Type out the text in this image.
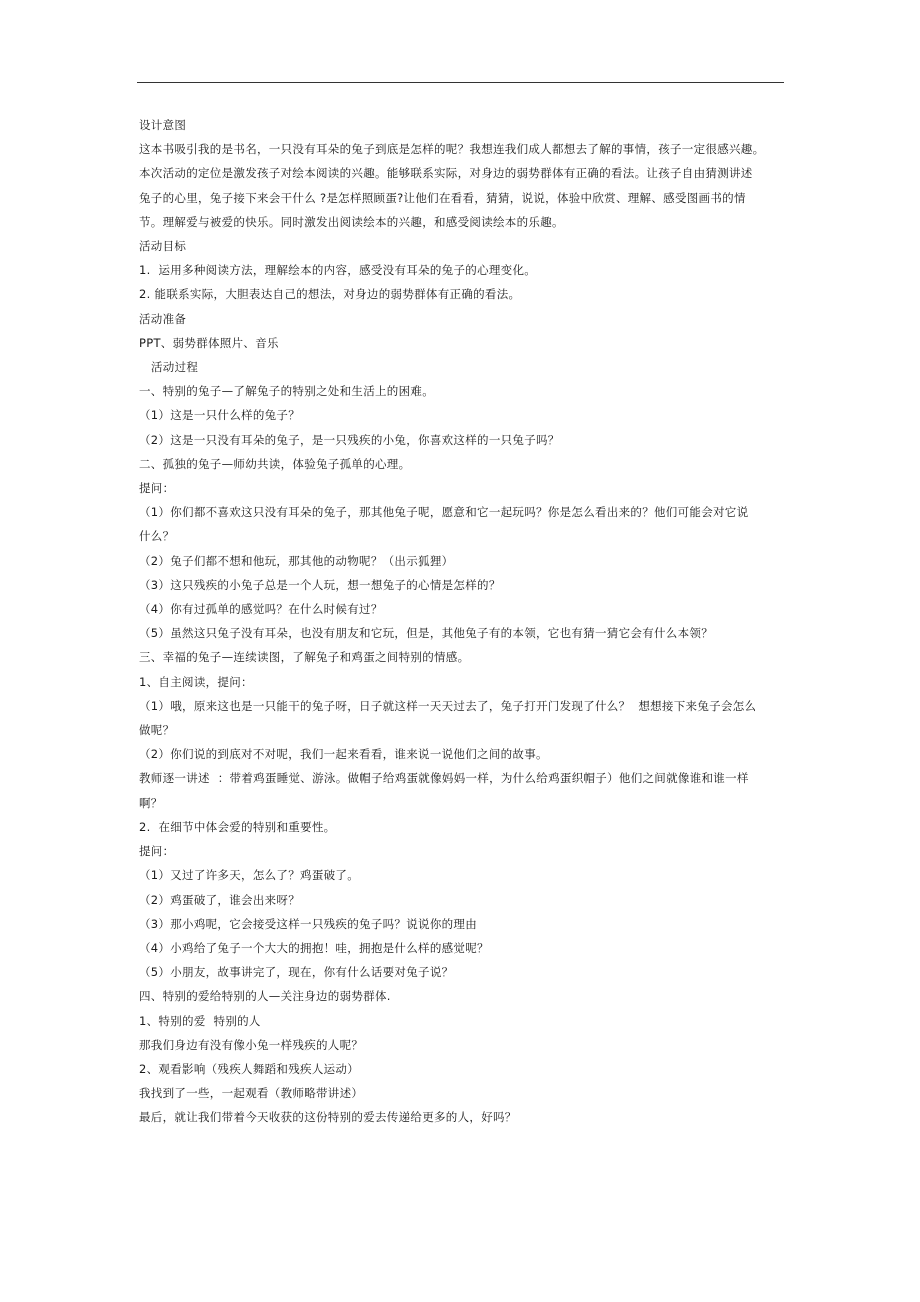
设计意图

这本书吸引我的是书名，一只没有耳朵的兔子到底是怎样的呢？我想连我们成人都想去了解的事情，孩子一定很感兴趣。

本次活动的定位是激发孩子对绘本阅读的兴趣。能够联系实际，对身边的弱势群体有正确的看法。让孩子自由猜测讲述

兔子的心里，兔子接下来会干什么 ?是怎样照顾蛋?让他们在看看，猜猜，说说，体验中欣赏、理解、感受图画书的情

节。理解爱与被爱的快乐。同时激发出阅读绘本的兴趣，和感受阅读绘本的乐趣。

活动目标

1.  运用多种阅读方法，理解绘本的内容，感受没有耳朵的兔子的心理变化。

2. 能联系实际，大胆表达自己的想法，对身边的弱势群体有正确的看法。

活动准备

PPT、弱势群体照片、音乐

活动过程

一、特别的兔子—了解兔子的特别之处和生活上的困难。

（1）这是一只什么样的兔子？

（2）这是一只没有耳朵的兔子，是一只残疾的小兔，你喜欢这样的一只兔子吗？

二、孤独的兔子—师幼共读，体验兔子孤单的心理。

提问：

（1）你们都不喜欢这只没有耳朵的兔子，那其他兔子呢，愿意和它一起玩吗？你是怎么看出来的？他们可能会对它说

什么？

（2）兔子们都不想和他玩，那其他的动物呢？（出示狐狸）

（3）这只残疾的小兔子总是一个人玩，想一想兔子的心情是怎样的？

（4）你有过孤单的感觉吗？在什么时候有过？

（5）虽然这只兔子没有耳朵，也没有朋友和它玩，但是，其他兔子有的本领，它也有猜一猜它会有什么本领？

三、幸福的兔子—连续读图，了解兔子和鸡蛋之间特别的情感。

1、自主阅读，提问：

（1）哦，原来这也是一只能干的兔子呀，日子就这样一天天过去了，兔子打开门发现了什么？  想想接下来兔子会怎么

做呢？

（2）你们说的到底对不对呢，我们一起来看看，谁来说一说他们之间的故事。

教师逐一讲述  ：带着鸡蛋睡觉、游泳。做帽子给鸡蛋就像妈妈一样，为什么给鸡蛋织帽子）他们之间就像谁和谁一样

啊？

2.  在细节中体会爱的特别和重要性。

提问：

（1）又过了许多天，怎么了？鸡蛋破了。

（2）鸡蛋破了，谁会出来呀？

（3）那小鸡呢，它会接受这样一只残疾的兔子吗？说说你的理由

（4）小鸡给了兔子一个大大的拥抱！哇，拥抱是什么样的感觉呢？

（5）小朋友，故事讲完了，现在，你有什么话要对兔子说？

四、特别的爱给特别的人—关注身边的弱势群体.

1、特别的爱  特别的人

那我们身边有没有像小兔一样残疾的人呢？

2、观看影响（残疾人舞蹈和残疾人运动）

我找到了一些，一起观看（教师略带讲述）

最后，就让我们带着今天收获的这份特别的爱去传递给更多的人，好吗？
